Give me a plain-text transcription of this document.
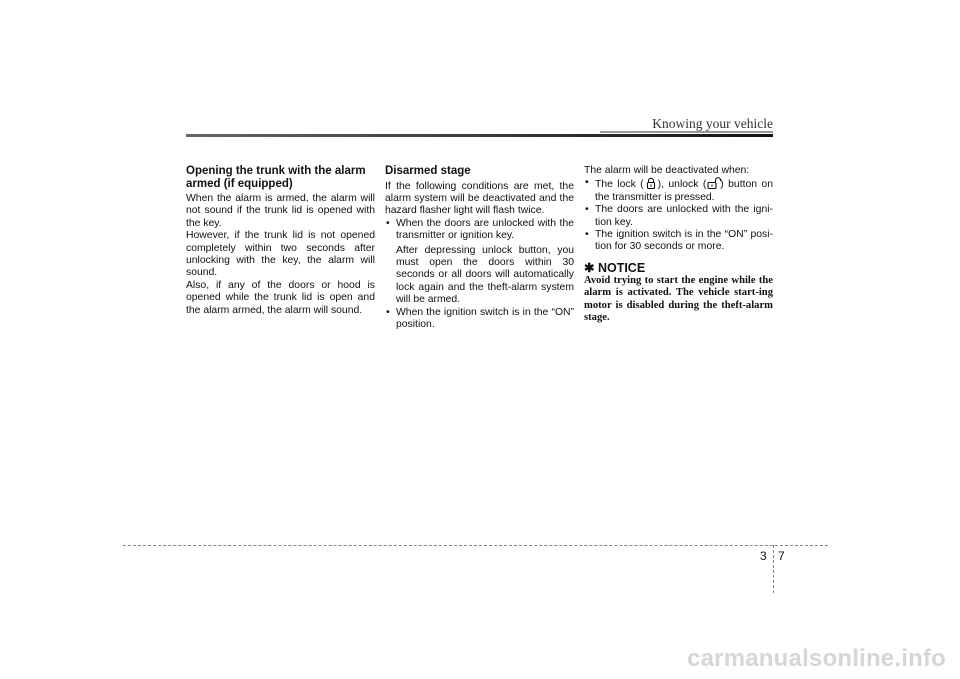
Knowing your vehicle
Opening the trunk with the alarm armed (if equipped)

When the alarm is armed, the alarm will not sound if the trunk lid is opened with the key.

However, if the trunk lid is not opened completely within two seconds after unlocking with the key, the alarm will sound.

Also, if any of the doors or hood is opened while the trunk lid is open and the alarm armed, the alarm will sound.

Disarmed stage

If the following conditions are met, the alarm system will be deactivated and the hazard flasher light will flash twice.

• When the doors are unlocked with the transmitter or ignition key.
After depressing unlock button, you must open the doors within 30 seconds or all doors will automatically lock again and the theft-alarm system will be armed.
• When the ignition switch is in the “ON” position.

The alarm will be deactivated when:

• The lock ( ), unlock ( ) button on the transmitter is pressed.
• The doors are unlocked with the igni-tion key.
• The ignition switch is in the “ON” posi-tion for 30 seconds or more.
✱ NOTICE

Avoid trying to start the engine while the alarm is activated. The vehicle start-ing motor is disabled during the theft-alarm stage.

3 7
carmanualsonline.info
